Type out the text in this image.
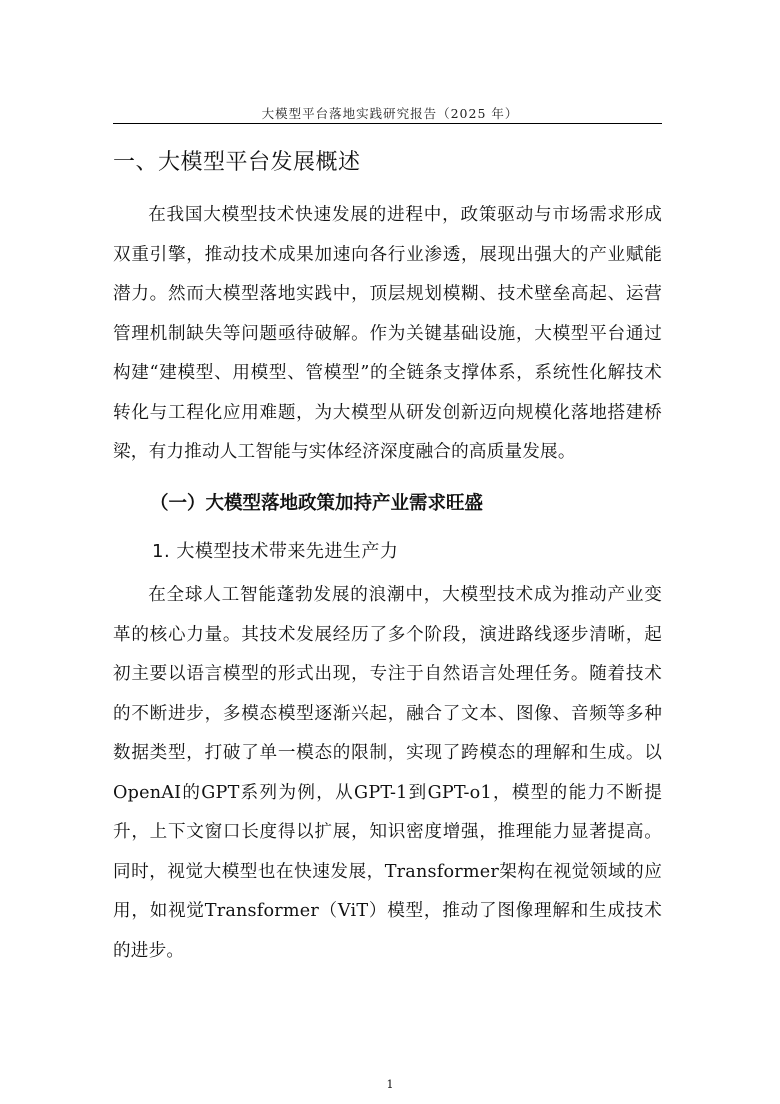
大模型平台落地实践研究报告（2025 年）
一、大模型平台发展概述
在我国大模型技术快速发展的进程中，政策驱动与市场需求形成双重引擎，推动技术成果加速向各行业渗透，展现出强大的产业赋能潜力。然而大模型落地实践中，顶层规划模糊、技术壁垒高起、运营管理机制缺失等问题亟待破解。作为关键基础设施，大模型平台通过构建“建模型、用模型、管模型”的全链条支撑体系，系统性化解技术转化与工程化应用难题，为大模型从研发创新迈向规模化落地搭建桥梁，有力推动人工智能与实体经济深度融合的高质量发展。
（一）大模型落地政策加持产业需求旺盛
1. 大模型技术带来先进生产力
在全球人工智能蓬勃发展的浪潮中，大模型技术成为推动产业变革的核心力量。其技术发展经历了多个阶段，演进路线逐步清晰，起初主要以语言模型的形式出现，专注于自然语言处理任务。随着技术的不断进步，多模态模型逐渐兴起，融合了文本、图像、音频等多种数据类型，打破了单一模态的限制，实现了跨模态的理解和生成。以OpenAI的GPT系列为例，从GPT-1到GPT-o1，模型的能力不断提升，上下文窗口长度得以扩展，知识密度增强，推理能力显著提高。同时，视觉大模型也在快速发展，Transformer架构在视觉领域的应用，如视觉Transformer（ViT）模型，推动了图像理解和生成技术的进步。
1
